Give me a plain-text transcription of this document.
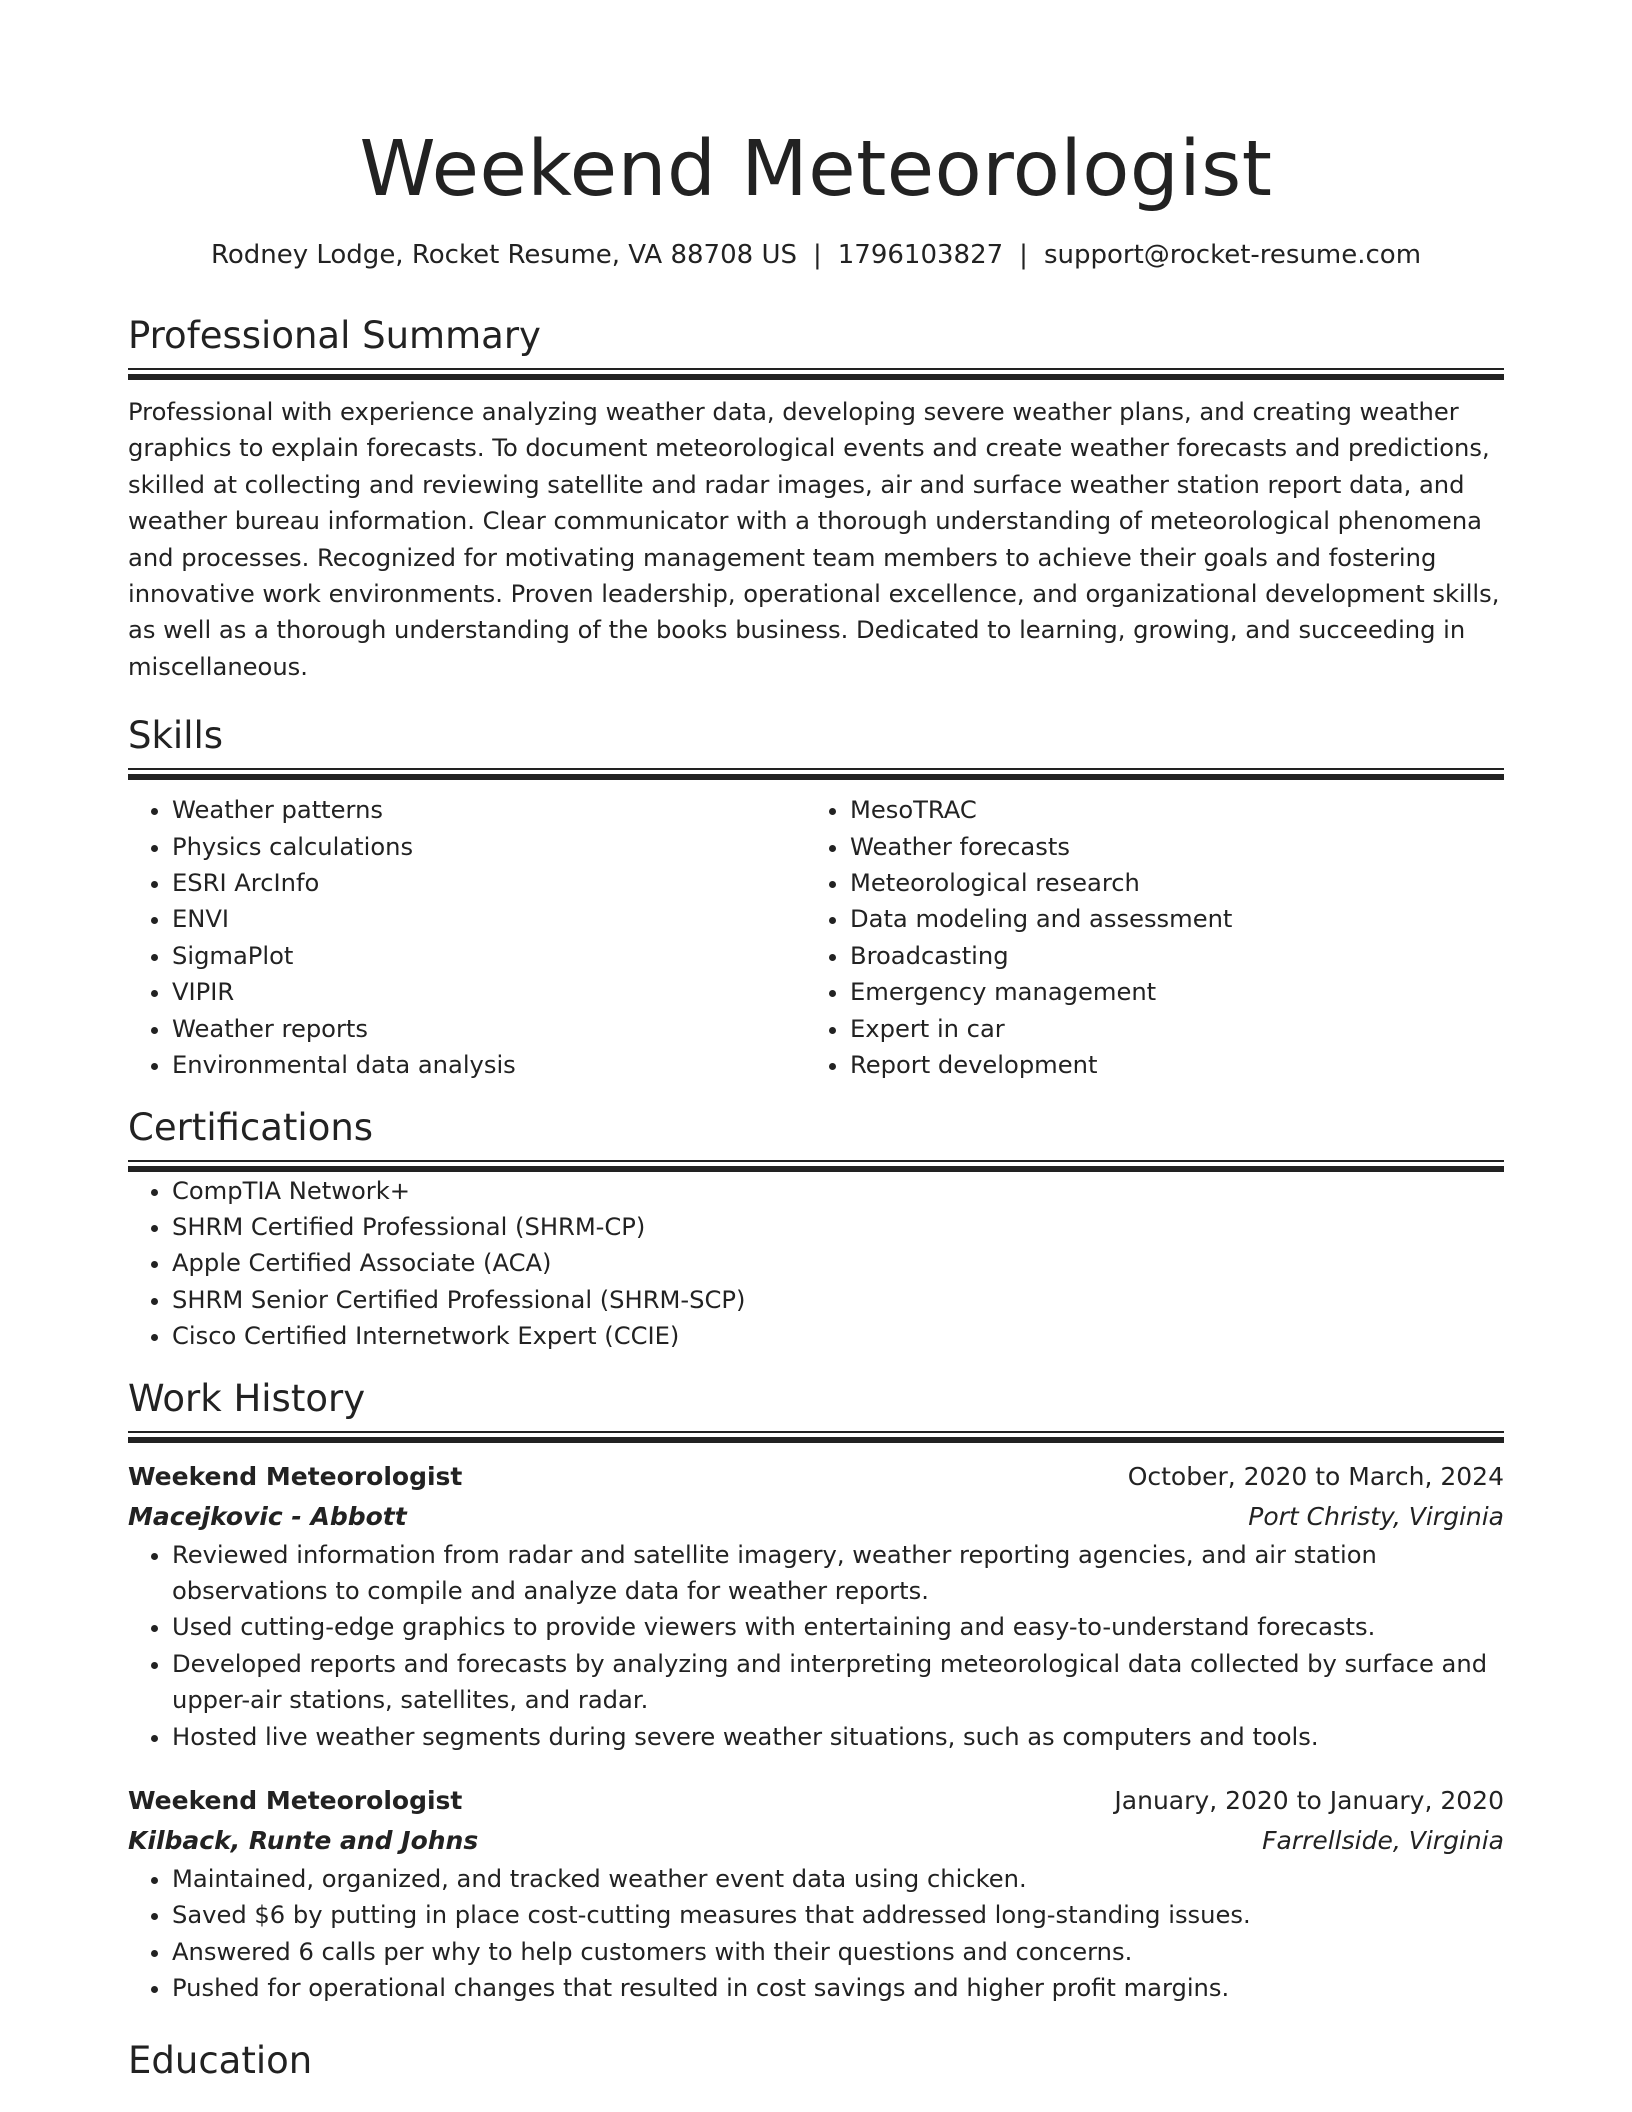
Weekend Meteorologist
Rodney Lodge, Rocket Resume, VA 88708 US | 1796103827 | support@rocket-resume.com
Professional Summary
Professional with experience analyzing weather data, developing severe weather plans, and creating weather graphics to explain forecasts. To document meteorological events and create weather forecasts and predictions, skilled at collecting and reviewing satellite and radar images, air and surface weather station report data, and weather bureau information. Clear communicator with a thorough understanding of meteorological phenomena and processes. Recognized for motivating management team members to achieve their goals and fostering innovative work environments. Proven leadership, operational excellence, and organizational development skills, as well as a thorough understanding of the books business. Dedicated to learning, growing, and succeeding in miscellaneous.
Skills
• Weather patterns
• Physics calculations
• ESRI ArcInfo
• ENVI
• SigmaPlot
• VIPIR
• Weather reports
• Environmental data analysis
• MesoTRAC
• Weather forecasts
• Meteorological research
• Data modeling and assessment
• Broadcasting
• Emergency management
• Expert in car
• Report development
Certifications
• CompTIA Network+
• SHRM Certified Professional (SHRM-CP)
• Apple Certified Associate (ACA)
• SHRM Senior Certified Professional (SHRM-SCP)
• Cisco Certified Internetwork Expert (CCIE)
Work History
Weekend Meteorologist	October, 2020 to March, 2024
Macejkovic - Abbott	Port Christy, Virginia
• Reviewed information from radar and satellite imagery, weather reporting agencies, and air station observations to compile and analyze data for weather reports.
• Used cutting-edge graphics to provide viewers with entertaining and easy-to-understand forecasts.
• Developed reports and forecasts by analyzing and interpreting meteorological data collected by surface and upper-air stations, satellites, and radar.
• Hosted live weather segments during severe weather situations, such as computers and tools.
Weekend Meteorologist	January, 2020 to January, 2020
Kilback, Runte and Johns	Farrellside, Virginia
• Maintained, organized, and tracked weather event data using chicken.
• Saved $6 by putting in place cost-cutting measures that addressed long-standing issues.
• Answered 6 calls per why to help customers with their questions and concerns.
• Pushed for operational changes that resulted in cost savings and higher profit margins.
Education
